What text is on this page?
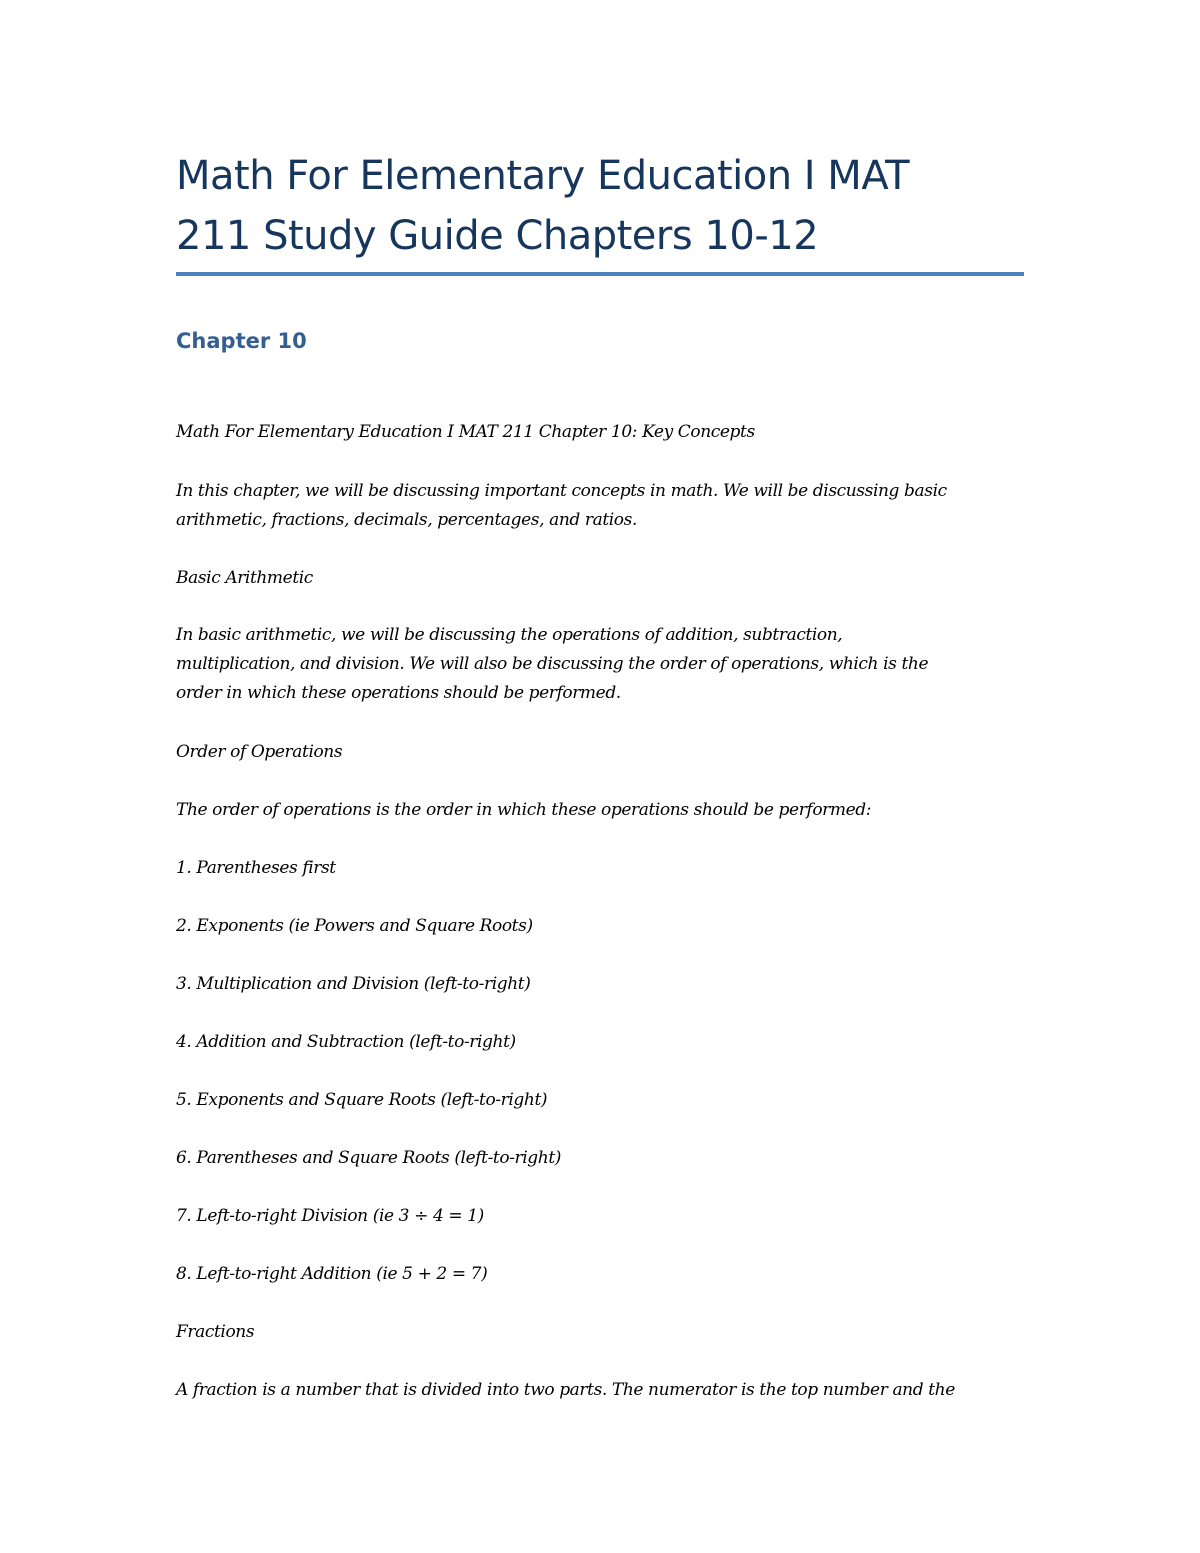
Math For Elementary Education I MAT
211 Study Guide Chapters 10-12
Chapter 10

Math For Elementary Education I MAT 211 Chapter 10: Key Concepts

In this chapter, we will be discussing important concepts in math. We will be discussing basic
arithmetic, fractions, decimals, percentages, and ratios.

Basic Arithmetic

In basic arithmetic, we will be discussing the operations of addition, subtraction,
multiplication, and division. We will also be discussing the order of operations, which is the
order in which these operations should be performed.

Order of Operations

The order of operations is the order in which these operations should be performed:

1. Parentheses first

2. Exponents (ie Powers and Square Roots)

3. Multiplication and Division (left-to-right)

4. Addition and Subtraction (left-to-right)

5. Exponents and Square Roots (left-to-right)

6. Parentheses and Square Roots (left-to-right)

7. Left-to-right Division (ie 3 ÷ 4 = 1)

8. Left-to-right Addition (ie 5 + 2 = 7)

Fractions

A fraction is a number that is divided into two parts. The numerator is the top number and the
